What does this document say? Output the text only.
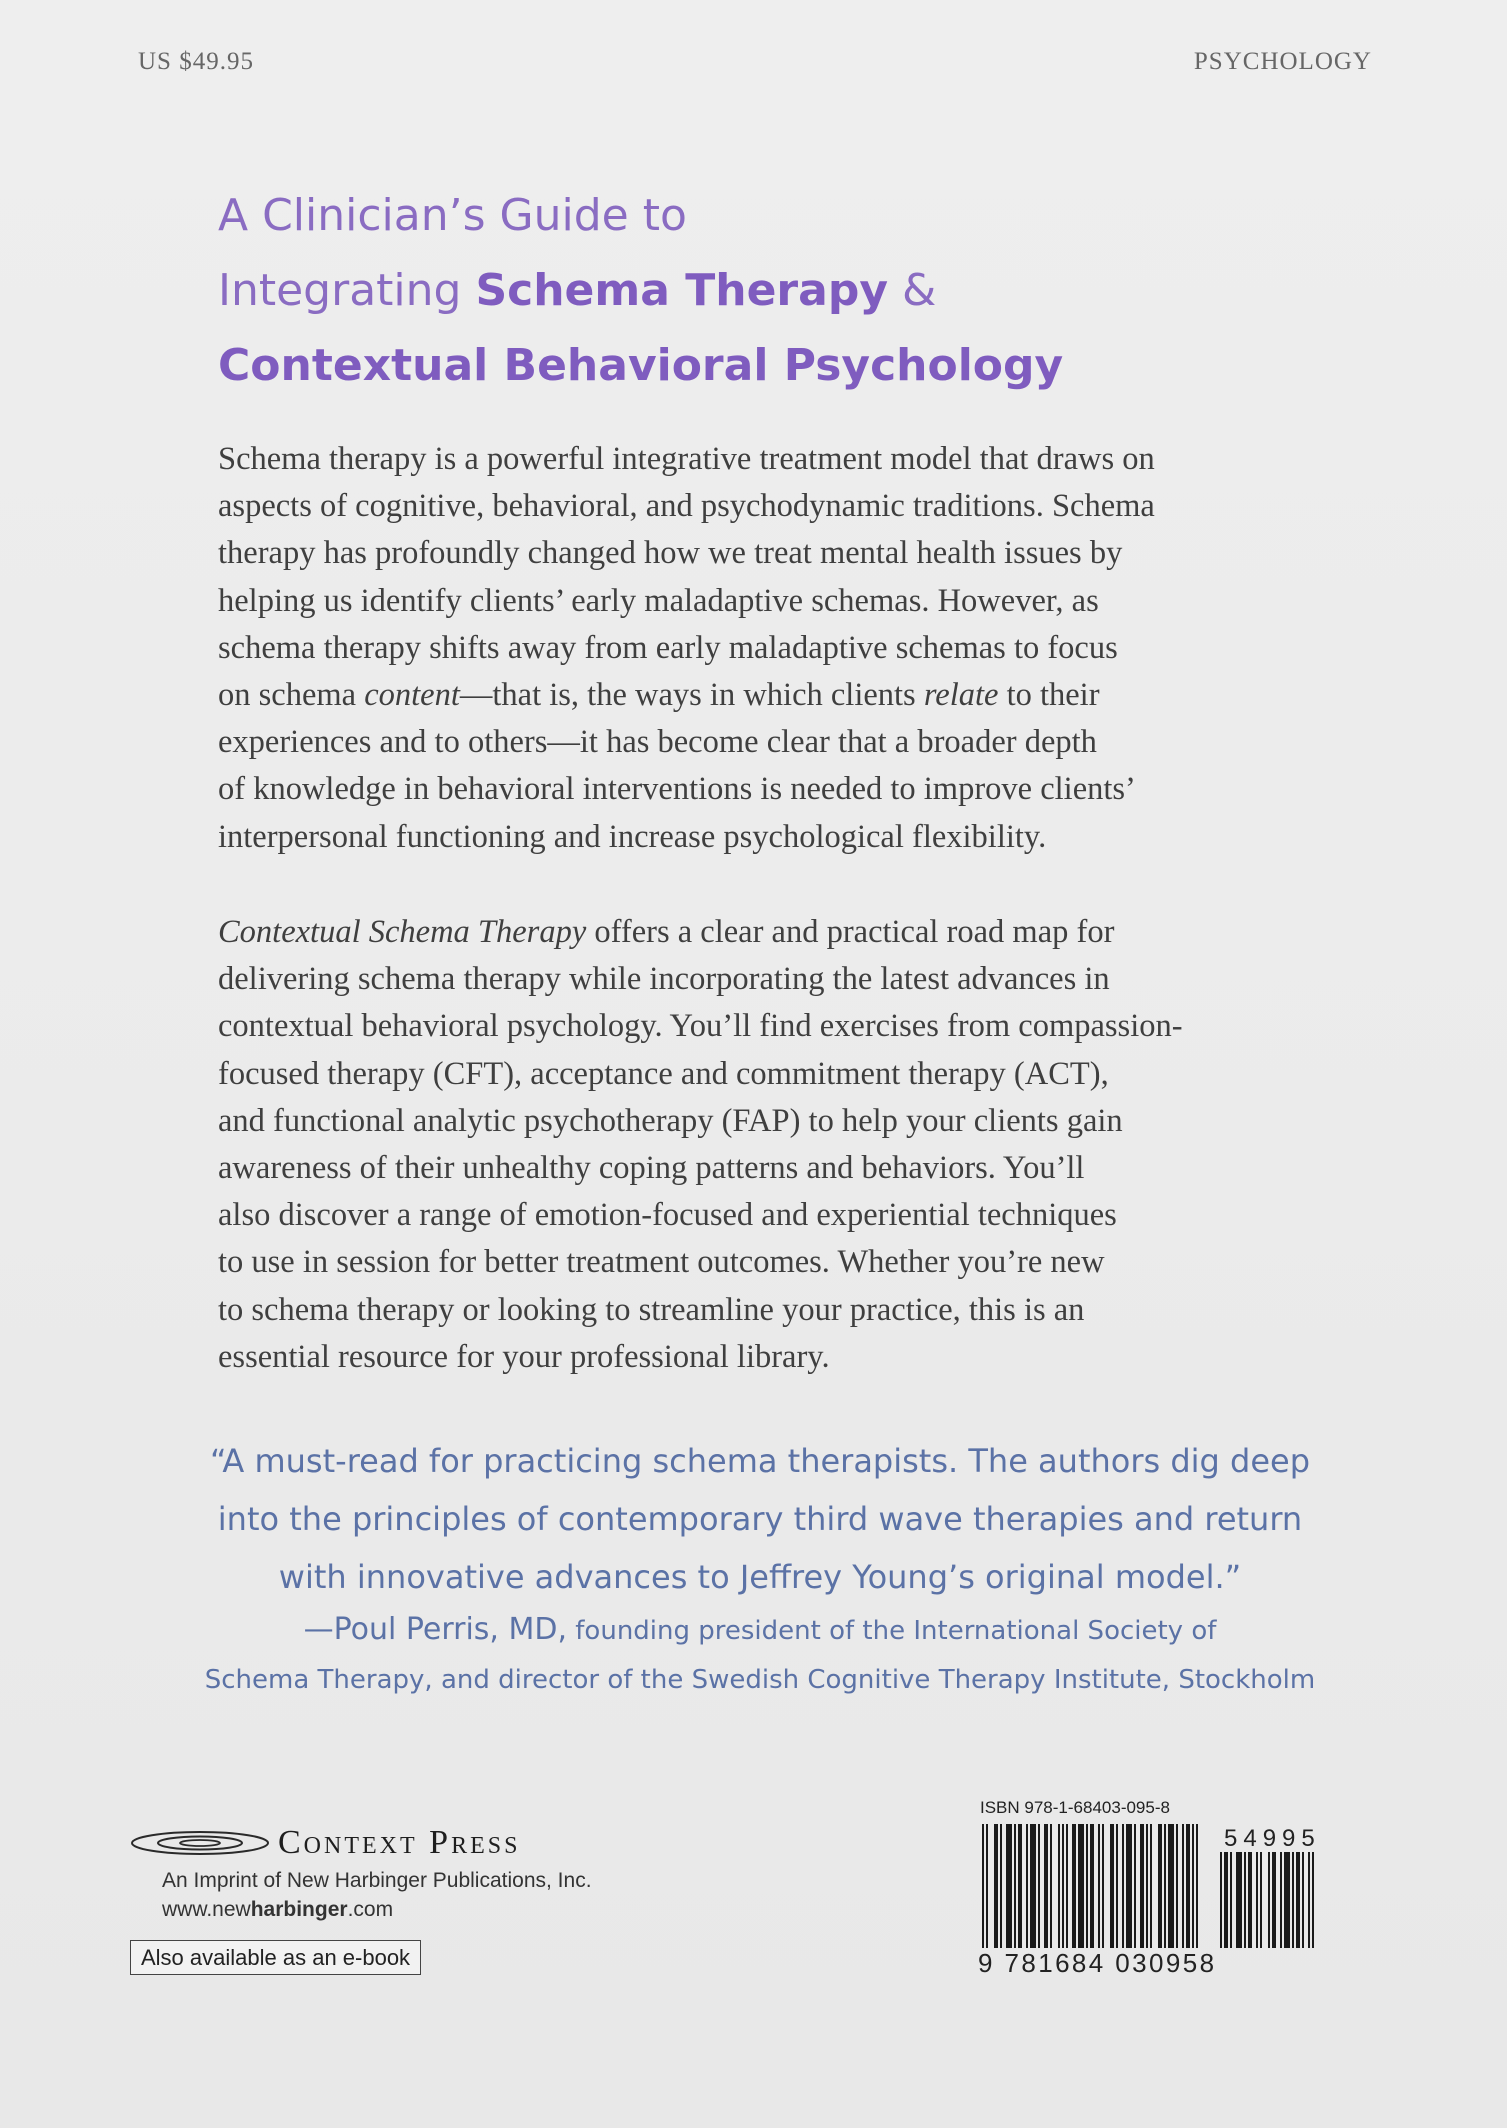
US $49.95	PSYCHOLOGY
A Clinician’s Guide to
Integrating Schema Therapy &
Contextual Behavioral Psychology

Schema therapy is a powerful integrative treatment model that draws on

aspects of cognitive, behavioral, and psychodynamic traditions. Schema

therapy has profoundly changed how we treat mental health issues by

helping us identify clients’ early maladaptive schemas. However, as

schema therapy shifts away from early maladaptive schemas to focus

on schema content—that is, the ways in which clients relate to their

experiences and to others—it has become clear that a broader depth

of knowledge in behavioral interventions is needed to improve clients’

interpersonal functioning and increase psychological flexibility.

Contextual Schema Therapy offers a clear and practical road map for

delivering schema therapy while incorporating the latest advances in

contextual behavioral psychology. You’ll find exercises from compassion-

focused therapy (CFT), acceptance and commitment therapy (ACT),

and functional analytic psychotherapy (FAP) to help your clients gain

awareness of their unhealthy coping patterns and behaviors. You’ll

also discover a range of emotion-focused and experiential techniques

to use in session for better treatment outcomes. Whether you’re new

to schema therapy or looking to streamline your practice, this is an

essential resource for your professional library.

“A must-read for practicing schema therapists. The authors dig deep
into the principles of contemporary third wave therapies and return
with innovative advances to Jeffrey Young’s original model.”
—Poul Perris, MD, founding president of the International Society of
Schema Therapy, and director of the Swedish Cognitive Therapy Institute, Stockholm
Context Press
An Imprint of New Harbinger Publications, Inc.
www.newharbinger.com
Also available as an e-book
ISBN 978-1-68403-095-8
54995
9 781684 030958
